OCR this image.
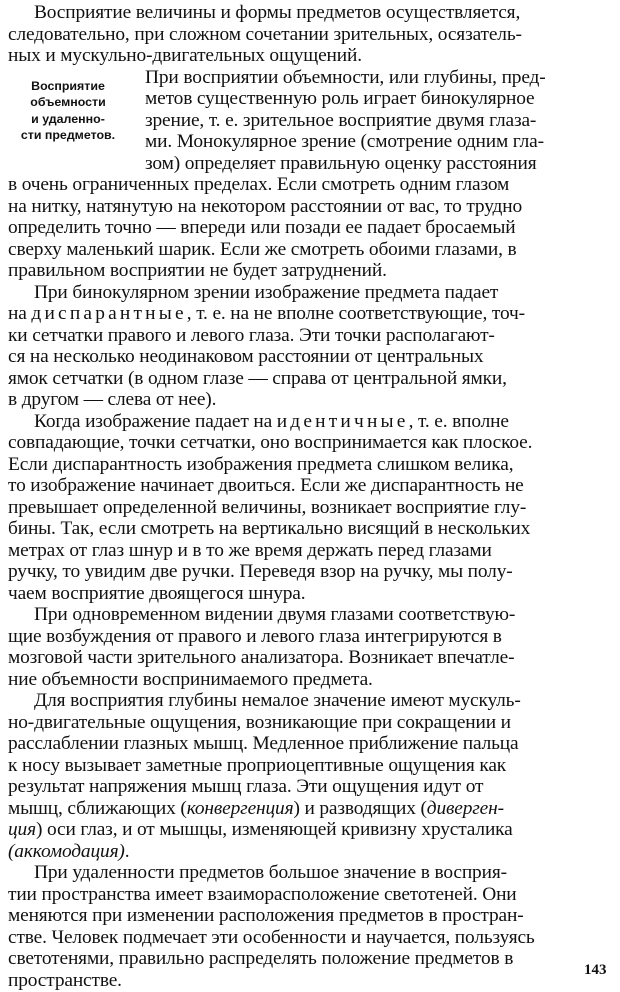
Восприятие
объемности
и удаленно-
сти предметов.
Восприятие величины и формы предметов осуществляется,
следовательно, при сложном сочетании зрительных, осязатель-
ных и мускульно-двигательных ощущений.
При восприятии объемности, или глубины, пред-
метов существенную роль играет бинокулярное
зрение, т. е. зрительное восприятие двумя глаза-
ми. Монокулярное зрение (смотрение одним гла-
зом) определяет правильную оценку расстояния
в очень ограниченных пределах. Если смотреть одним глазом
на нитку, натянутую на некотором расстоянии от вас, то трудно
определить точно — впереди или позади ее падает бросаемый
сверху маленький шарик. Если же смотреть обоими глазами, в
правильном восприятии не будет затруднений.
При бинокулярном зрении изображение предмета падает
на диспарантные, т. е. на не вполне соответствующие, точ-
ки сетчатки правого и левого глаза. Эти точки располагают-
ся на несколько неодинаковом расстоянии от центральных
ямок сетчатки (в одном глазе — справа от центральной ямки,
в другом — слева от нее).
Когда изображение падает на идентичные, т. е. вполне
совпадающие, точки сетчатки, оно воспринимается как плоское.
Если диспарантность изображения предмета слишком велика,
то изображение начинает двоиться. Если же диспарантность не
превышает определенной величины, возникает восприятие глу-
бины. Так, если смотреть на вертикально висящий в нескольких
метрах от глаз шнур и в то же время держать перед глазами
ручку, то увидим две ручки. Переведя взор на ручку, мы полу-
чаем восприятие двоящегося шнура.
При одновременном видении двумя глазами соответствую-
щие возбуждения от правого и левого глаза интегрируются в
мозговой части зрительного анализатора. Возникает впечатле-
ние объемности воспринимаемого предмета.
Для восприятия глубины немалое значение имеют мускуль-
но-двигательные ощущения, возникающие при сокращении и
расслаблении глазных мышц. Медленное приближение пальца
к носу вызывает заметные проприоцептивные ощущения как
результат напряжения мышц глаза. Эти ощущения идут от
мышц, сближающих (конвергенция) и разводящих (диверген-
ция) оси глаз, и от мышцы, изменяющей кривизну хрусталика
(аккомодация).
При удаленности предметов большое значение в восприя-
тии пространства имеет взаиморасположение светотеней. Они
меняются при изменении расположения предметов в простран-
стве. Человек подмечает эти особенности и научается, пользуясь
светотенями, правильно распределять положение предметов в
пространстве.	143
